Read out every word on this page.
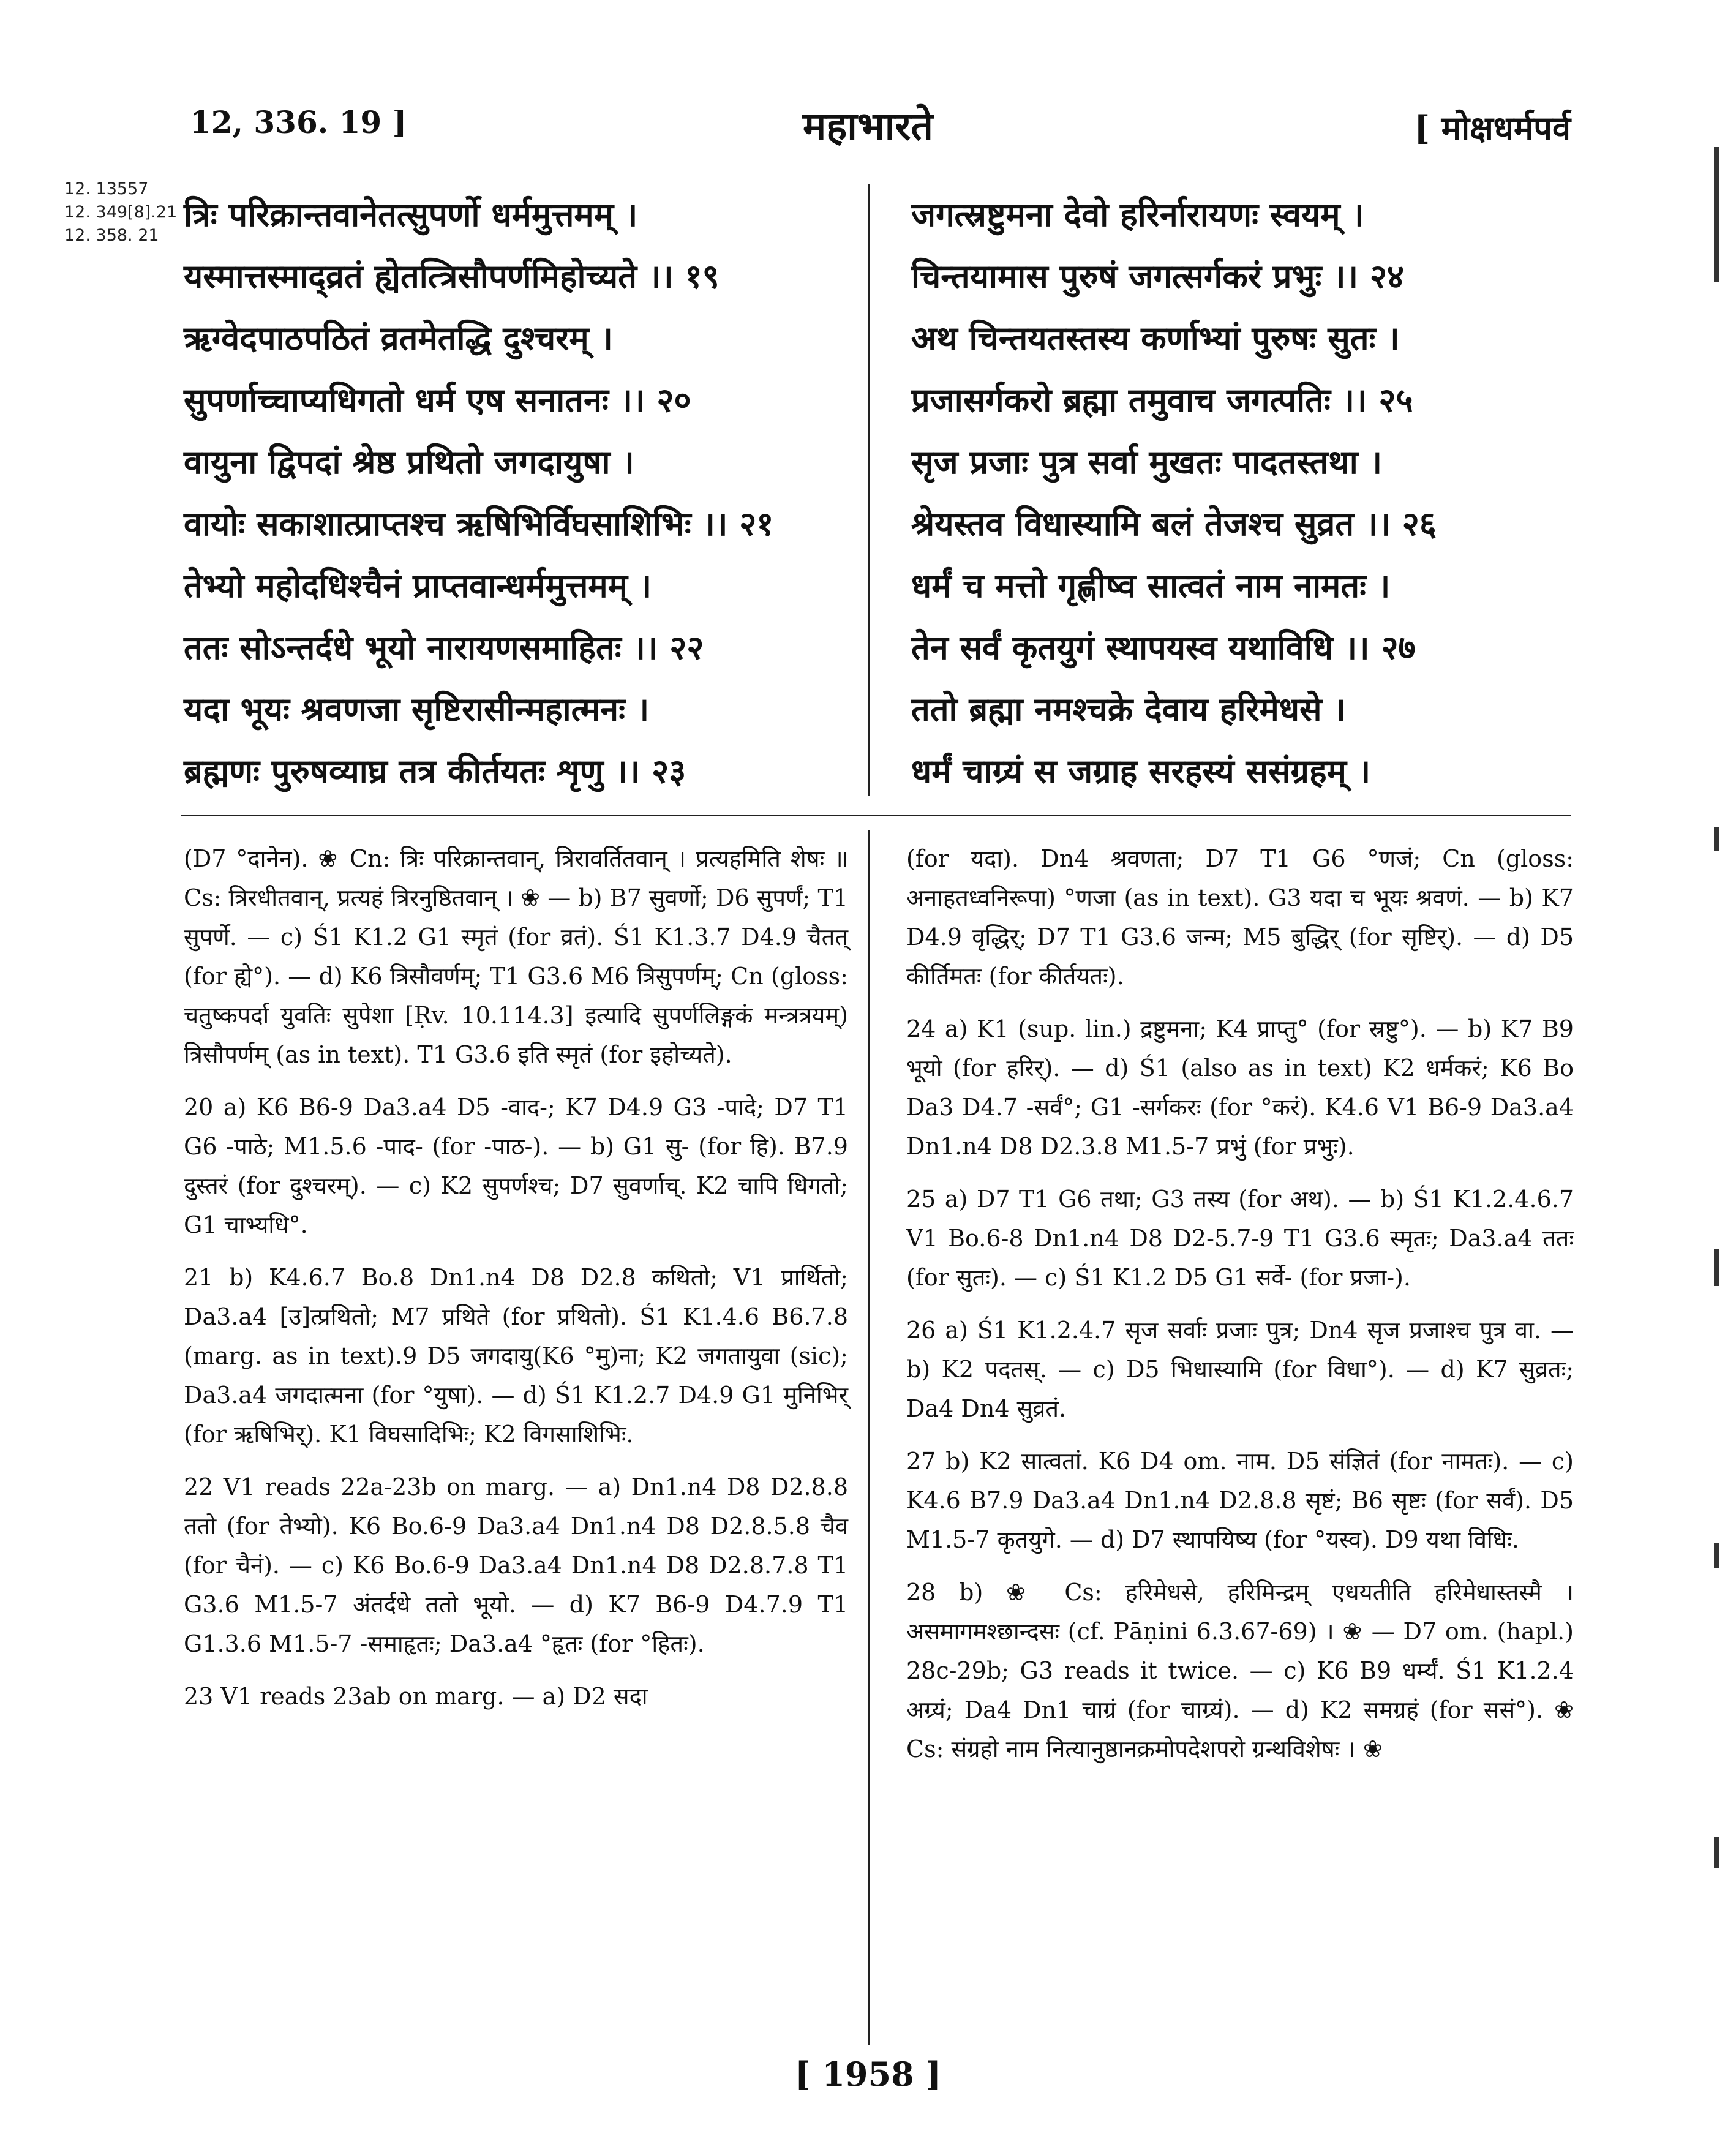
12, 336. 19 ]	महाभारते	[ मोक्षधर्मपर्व
12. 13557
12. 349[8].21
12. 358. 21
त्रिः परिक्रान्तवानेतत्सुपर्णो धर्ममुत्तमम् ।
यस्मात्तस्माद्व्रतं ह्येतत्त्रिसौपर्णमिहोच्यते ।। १९
ऋग्वेदपाठपठितं व्रतमेतद्धि दुश्चरम् ।
सुपर्णाच्चाप्यधिगतो धर्म एष सनातनः ।। २०
वायुना द्विपदां श्रेष्ठ प्रथितो जगदायुषा ।
वायोः सकाशात्प्राप्तश्च ऋषिभिर्विघसाशिभिः ।। २१
तेभ्यो महोदधिश्चैनं प्राप्तवान्धर्ममुत्तमम् ।
ततः सोऽन्तर्दधे भूयो नारायणसमाहितः ।। २२
यदा भूयः श्रवणजा सृष्टिरासीन्महात्मनः ।
ब्रह्मणः पुरुषव्याघ्र तत्र कीर्तयतः शृणु ।। २३
जगत्स्रष्टुमना देवो हरिर्नारायणः स्वयम् ।
चिन्तयामास पुरुषं जगत्सर्गकरं प्रभुः ।। २४
अथ चिन्तयतस्तस्य कर्णाभ्यां पुरुषः सुतः ।
प्रजासर्गकरो ब्रह्मा तमुवाच जगत्पतिः ।। २५
सृज प्रजाः पुत्र सर्वा मुखतः पादतस्तथा ।
श्रेयस्तव विधास्यामि बलं तेजश्च सुव्रत ।। २६
धर्मं च मत्तो गृह्णीष्व सात्वतं नाम नामतः ।
तेन सर्वं कृतयुगं स्थापयस्व यथाविधि ।। २७
ततो ब्रह्मा नमश्चक्रे देवाय हरिमेधसे ।
धर्मं चाग्र्यं स जग्राह सरहस्यं ससंग्रहम् ।

(D7 °दानेन). ❀ Cn: त्रिः परिक्रान्तवान्, त्रिरावर्तितवान् । प्रत्यहमिति शेषः ॥ Cs: त्रिरधीतवान्, प्रत्यहं त्रिरनुष्ठितवान् । ❀ — b) B7 सुवर्णो; D6 सुपर्णं; T1 सुपर्णे. — c) Ś1 K1.2 G1 स्मृतं (for व्रतं). Ś1 K1.3.7 D4.9 चैतत् (for ह्ये°). — d) K6 त्रिसौवर्णम्; T1 G3.6 M6 त्रिसुपर्णम्; Cn (gloss: चतुष्कपर्दा युवतिः सुपेशा [Ṛv. 10.114.3] इत्यादि सुपर्णलिङ्गकं मन्त्रत्रयम्) त्रिसौपर्णम् (as in text). T1 G3.6 इति स्मृतं (for इहोच्यते).

20 a) K6 B6-9 Da3.a4 D5 -वाद-; K7 D4.9 G3 -पादे; D7 T1 G6 -पाठे; M1.5.6 -पाद- (for -पाठ-). — b) G1 सु- (for हि). B7.9 दुस्तरं (for दुश्चरम्). — c) K2 सुपर्णश्च; D7 सुवर्णाच्. K2 चापि धिगतो; G1 चाभ्यधि°.

21 b) K4.6.7 Bo.8 Dn1.n4 D8 D2.8 कथितो; V1 प्रार्थितो; Da3.a4 [उ]त्प्रथितो; M7 प्रथिते (for प्रथितो). Ś1 K1.4.6 B6.7.8 (marg. as in text).9 D5 जगदायु(K6 °मु)ना; K2 जगतायुवा (sic); Da3.a4 जगदात्मना (for °युषा). — d) Ś1 K1.2.7 D4.9 G1 मुनिभिर् (for ऋषिभिर्). K1 विघसादिभिः; K2 विगसाशिभिः.

22 V1 reads 22a-23b on marg. — a) Dn1.n4 D8 D2.8.8 ततो (for तेभ्यो). K6 Bo.6-9 Da3.a4 Dn1.n4 D8 D2.8.5.8 चैव (for चैनं). — c) K6 Bo.6-9 Da3.a4 Dn1.n4 D8 D2.8.7.8 T1 G3.6 M1.5-7 अंतर्दधे ततो भूयो. — d) K7 B6-9 D4.7.9 T1 G1.3.6 M1.5-7 -समाहृतः; Da3.a4 °हृतः (for °हितः).

23 V1 reads 23ab on marg. — a) D2 सदा

(for यदा). Dn4 श्रवणता; D7 T1 G6 °णजं; Cn (gloss: अनाहतध्वनिरूपा) °णजा (as in text). G3 यदा च भूयः श्रवणं. — b) K7 D4.9 वृद्धिर्; D7 T1 G3.6 जन्म; M5 बुद्धिर् (for सृष्टिर्). — d) D5 कीर्तिमतः (for कीर्तयतः).

24 a) K1 (sup. lin.) द्रष्टुमना; K4 प्राप्तु° (for स्रष्टु°). — b) K7 B9 भूयो (for हरिर्). — d) Ś1 (also as in text) K2 धर्मकरं; K6 Bo Da3 D4.7 -सर्वं°; G1 -सर्गकरः (for °करं). K4.6 V1 B6-9 Da3.a4 Dn1.n4 D8 D2.3.8 M1.5-7 प्रभुं (for प्रभुः).

25 a) D7 T1 G6 तथा; G3 तस्य (for अथ). — b) Ś1 K1.2.4.6.7 V1 Bo.6-8 Dn1.n4 D8 D2-5.7-9 T1 G3.6 स्मृतः; Da3.a4 ततः (for सुतः). — c) Ś1 K1.2 D5 G1 सर्वे- (for प्रजा-).

26 a) Ś1 K1.2.4.7 सृज सर्वाः प्रजाः पुत्र; Dn4 सृज प्रजाश्च पुत्र वा. — b) K2 पदतस्. — c) D5 भिधास्यामि (for विधा°). — d) K7 सुव्रतः; Da4 Dn4 सुव्रतं.

27 b) K2 सात्वतां. K6 D4 om. नाम. D5 संज्ञितं (for नामतः). — c) K4.6 B7.9 Da3.a4 Dn1.n4 D2.8.8 सृष्टं; B6 सृष्टः (for सर्वं). D5 M1.5-7 कृतयुगे. — d) D7 स्थापयिष्य (for °यस्व). D9 यथा विधिः.

28 b) ❀ Cs: हरिमेधसे, हरिमिन्द्रम् एधयतीति हरिमेधास्तस्मै । असमागमश्छान्दसः (cf. Pāṇini 6.3.67-69) । ❀ — D7 om. (hapl.) 28c-29b; G3 reads it twice. — c) K6 B9 धर्म्यं. Ś1 K1.2.4 अग्र्यं; Da4 Dn1 चाग्रं (for चाग्र्यं). — d) K2 समग्रहं (for ससं°). ❀ Cs: संग्रहो नाम नित्यानुष्ठानक्रमोपदेशपरो ग्रन्थविशेषः । ❀

[ 1958 ]
